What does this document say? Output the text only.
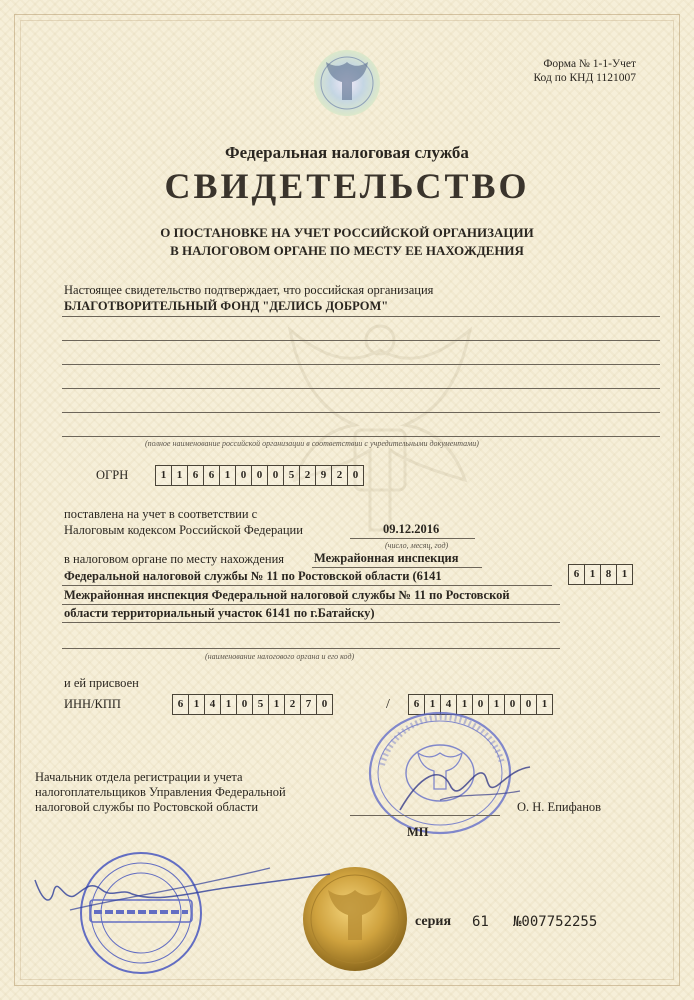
Форма № 1-1-Учет
Код по КНД 1121007
Федеральная налоговая служба
СВИДЕТЕЛЬСТВО
О ПОСТАНОВКЕ НА УЧЕТ РОССИЙСКОЙ ОРГАНИЗАЦИИ
В НАЛОГОВОМ ОРГАНЕ ПО МЕСТУ ЕЕ НАХОЖДЕНИЯ
Настоящее свидетельство подтверждает, что российская организация
БЛАГОТВОРИТЕЛЬНЫЙ ФОНД "ДЕЛИСЬ ДОБРОМ"
(полное наименование российской организации в соответствии с учредительными документами)
ОГРН	1 1 6 6 1 0 0 0 5 2 9 2 0
поставлена на учет в соответствии с
Налоговым кодексом Российской Федерации	09.12.2016
(число, месяц, год)
в налоговом органе по месту нахождения Межрайонная инспекция
Федеральной налоговой службы № 11 по Ростовской области (6141	6 1 8 1
Межрайонная инспекция Федеральной налоговой службы № 11 по Ростовской
области территориальный участок 6141 по г.Батайску)
(наименование налогового органа и его код)
и ей присвоен
ИНН/КПП	6 1 4 1 0 5 1 2 7 0	/	6 1 4 1 0 1 0 0 1
Начальник отдела регистрации и учета
налогоплательщиков Управления Федеральной
налоговой службы по Ростовской области	О. Н. Епифанов
МП
серия 61 №007752255
